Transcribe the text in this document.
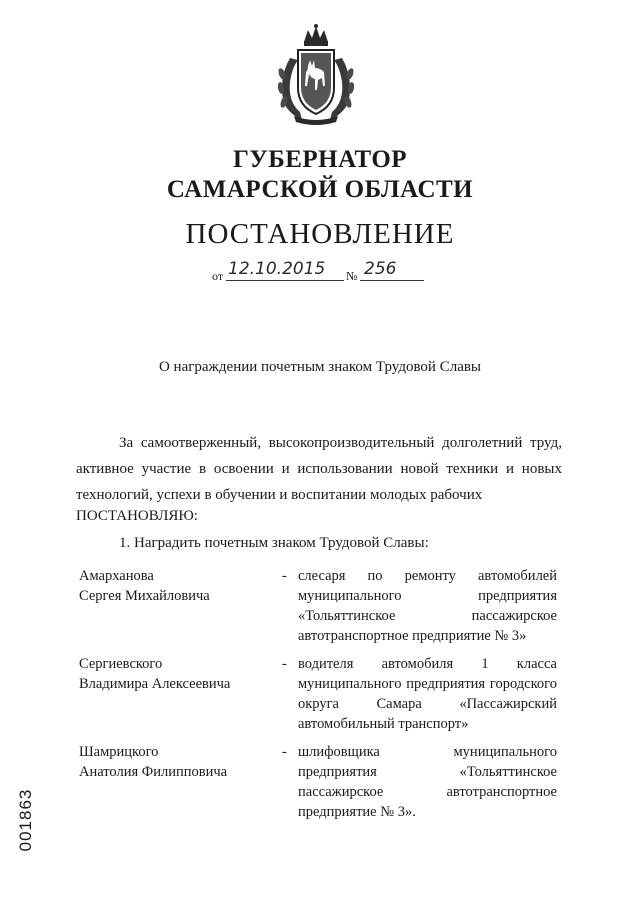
ГУБЕРНАТОР
САМАРСКОЙ ОБЛАСТИ
ПОСТАНОВЛЕНИЕ
от 12.10.2015 № 256
О награждении почетным знаком Трудовой Славы
За самоотверженный, высокопроизводительный долголетний труд, активное участие в освоении и использовании новой техники и новых технологий, успехи в обучении и воспитании молодых рабочих
ПОСТАНОВЛЯЮ:
1. Наградить почетным знаком Трудовой Славы:
Амарханова
Сергея Михайловича
- слесаря по ремонту автомобилей муниципального предприятия «Тольяттинское пассажирское автотранспортное предприятие № 3»
Сергиевского
Владимира Алексеевича
- водителя автомобиля 1 класса муниципального предприятия городского округа Самара «Пассажирский автомобильный транспорт»
Шамрицкого
Анатолия Филипповича
- шлифовщика муниципального предприятия «Тольяттинское пассажирское автотранспортное предприятие № 3».
001863
